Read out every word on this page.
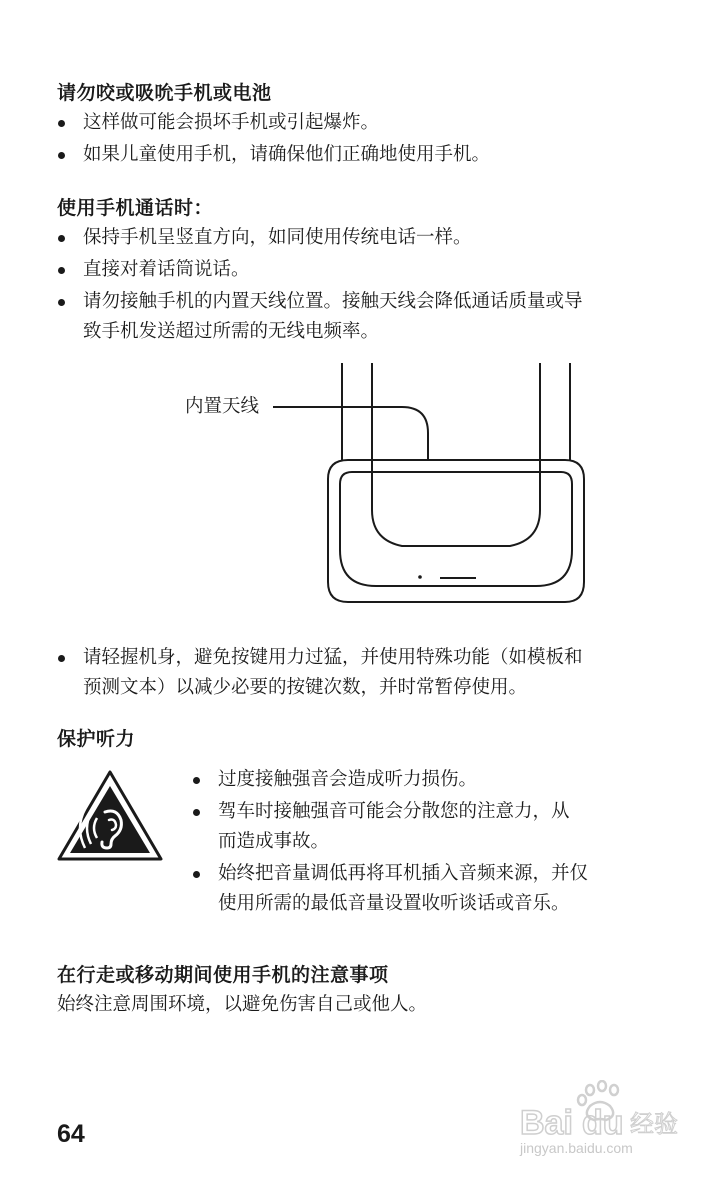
请勿咬或吸吮手机或电池
这样做可能会损坏手机或引起爆炸。
如果儿童使用手机，请确保他们正确地使用手机。
使用手机通话时：
保持手机呈竖直方向，如同使用传统电话一样。
直接对着话筒说话。
请勿接触手机的内置天线位置。接触天线会降低通话质量或导
致手机发送超过所需的无线电频率。
内置天线
请轻握机身，避免按键用力过猛，并使用特殊功能（如模板和
预测文本）以减少必要的按键次数，并时常暂停使用。
保护听力
过度接触强音会造成听力损伤。
驾车时接触强音可能会分散您的注意力，从
而造成事故。
始终把音量调低再将耳机插入音频来源，并仅
使用所需的最低音量设置收听谈话或音乐。
在行走或移动期间使用手机的注意事项
始终注意周围环境，以避免伤害自己或他人。
64	Bai du 经验
jingyan.baidu.com
